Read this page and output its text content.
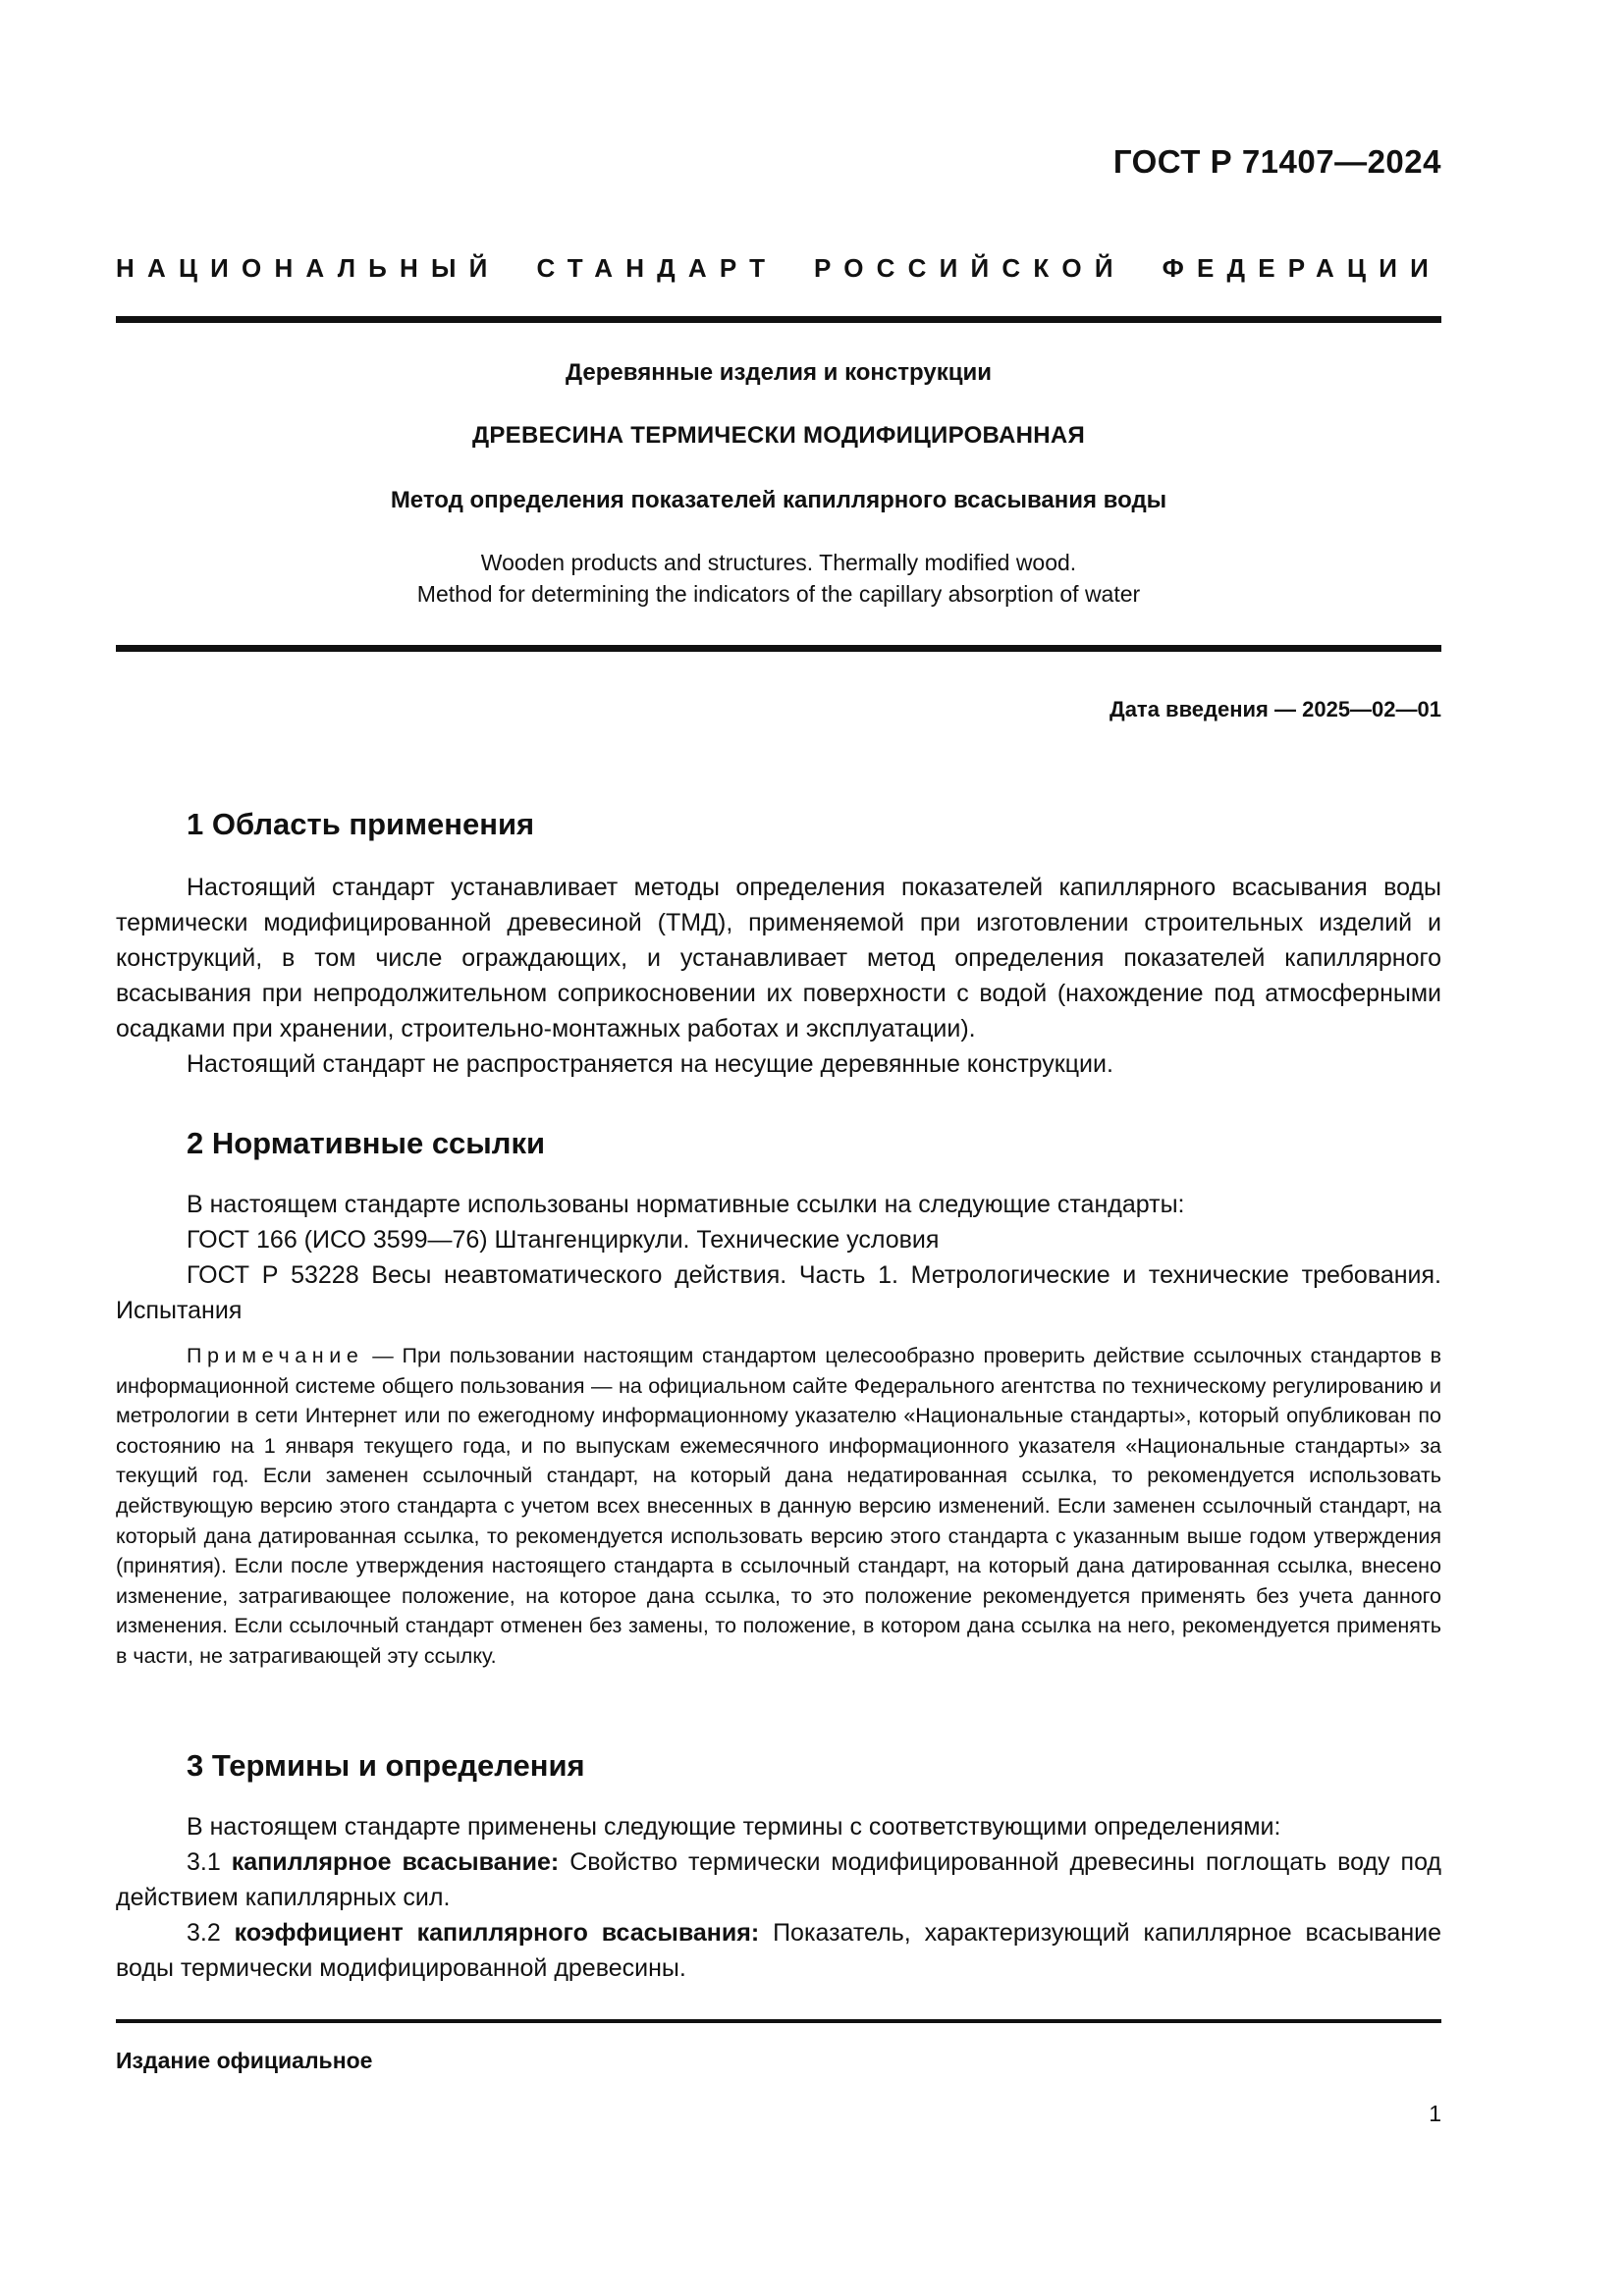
ГОСТ Р 71407—2024
НАЦИОНАЛЬНЫЙ СТАНДАРТ РОССИЙСКОЙ ФЕДЕРАЦИИ
Деревянные изделия и конструкции
ДРЕВЕСИНА ТЕРМИЧЕСКИ МОДИФИЦИРОВАННАЯ
Метод определения показателей капиллярного всасывания воды
Wooden products and structures. Thermally modified wood.
Method for determining the indicators of the capillary absorption of water
Дата введения — 2025—02—01
1 Область применения

Настоящий стандарт устанавливает методы определения показателей капиллярного всасывания воды термически модифицированной древесиной (ТМД), применяемой при изготовлении строительных изделий и конструкций, в том числе ограждающих, и устанавливает метод определения показателей капиллярного всасывания при непродолжительном соприкосновении их поверхности с водой (нахождение под атмосферными осадками при хранении, строительно-монтажных работах и эксплуатации).

Настоящий стандарт не распространяется на несущие деревянные конструкции.

2 Нормативные ссылки

В настоящем стандарте использованы нормативные ссылки на следующие стандарты:

ГОСТ 166 (ИСО 3599—76) Штангенциркули. Технические условия

ГОСТ Р 53228 Весы неавтоматического действия. Часть 1. Метрологические и технические требования. Испытания

Примечание — При пользовании настоящим стандартом целесообразно проверить действие ссылочных стандартов в информационной системе общего пользования — на официальном сайте Федерального агентства по техническому регулированию и метрологии в сети Интернет или по ежегодному информационному указателю «Национальные стандарты», который опубликован по состоянию на 1 января текущего года, и по выпускам ежемесячного информационного указателя «Национальные стандарты» за текущий год. Если заменен ссылочный стандарт, на который дана недатированная ссылка, то рекомендуется использовать действующую версию этого стандарта с учетом всех внесенных в данную версию изменений. Если заменен ссылочный стандарт, на который дана датированная ссылка, то рекомендуется использовать версию этого стандарта с указанным выше годом утверждения (принятия). Если после утверждения настоящего стандарта в ссылочный стандарт, на который дана датированная ссылка, внесено изменение, затрагивающее положение, на которое дана ссылка, то это положение рекомендуется применять без учета данного изменения. Если ссылочный стандарт отменен без замены, то положение, в котором дана ссылка на него, рекомендуется применять в части, не затрагивающей эту ссылку.
3 Термины и определения

В настоящем стандарте применены следующие термины с соответствующими определениями:

3.1 капиллярное всасывание: Свойство термически модифицированной древесины поглощать воду под действием капиллярных сил.

3.2 коэффициент капиллярного всасывания: Показатель, характеризующий капиллярное всасывание воды термически модифицированной древесины.

Издание официальное
1
